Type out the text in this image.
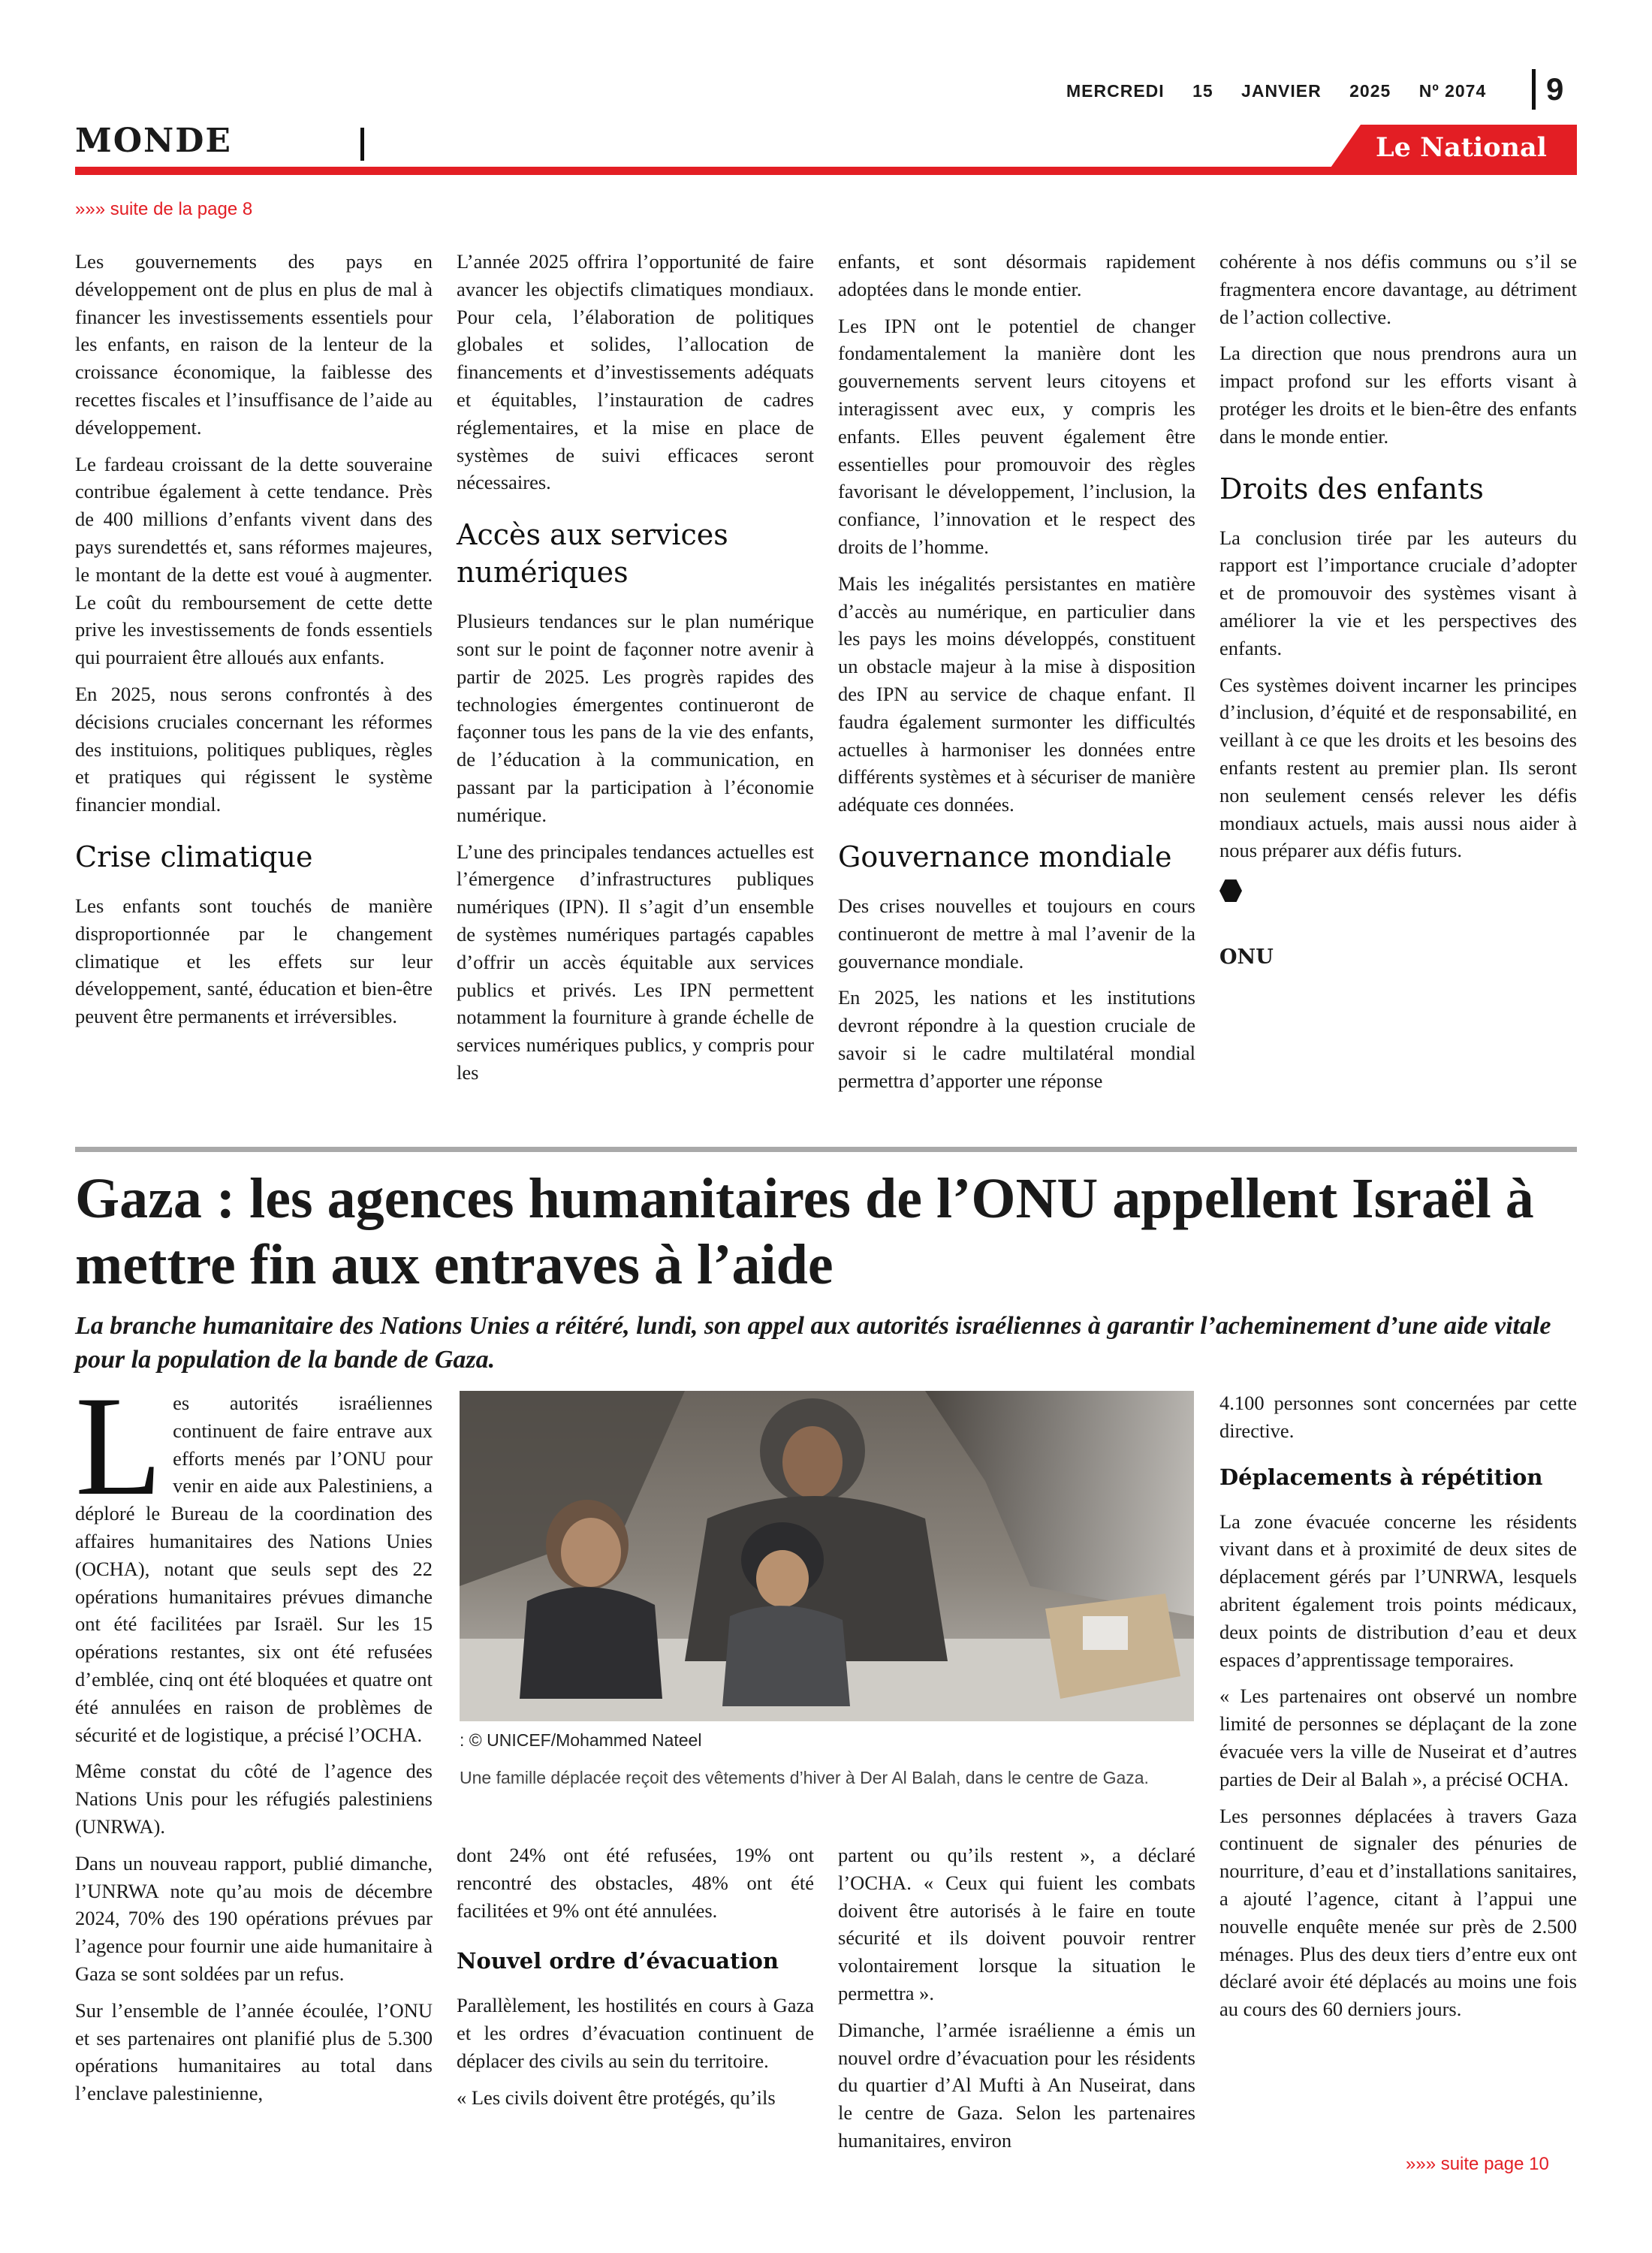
MERCREDI 15 JANVIER 2025 Nº 2074	9
MONDE	Le National
»»» suite de la page 8

Les gouvernements des pays en développement ont de plus en plus de mal à financer les investissements essentiels pour les enfants, en raison de la lenteur de la croissance économique, la faiblesse des recettes fiscales et l’insuffisance de l’aide au développement.

Le fardeau croissant de la dette souveraine contribue également à cette tendance. Près de 400 millions d’enfants vivent dans des pays surendettés et, sans réformes majeures, le montant de la dette est voué à augmenter. Le coût du remboursement de cette dette prive les investissements de fonds essentiels qui pourraient être alloués aux enfants.

En 2025, nous serons confrontés à des décisions cruciales concernant les réformes des instituions, politiques publiques, règles et pratiques qui régissent le système financier mondial.

Crise climatique

Les enfants sont touchés de manière disproportionnée par le changement climatique et les effets sur leur développement, santé, éducation et bien-être peuvent être permanents et irréversibles.

L’année 2025 offrira l’opportunité de faire avancer les objectifs climatiques mondiaux. Pour cela, l’élaboration de politiques globales et solides, l’allocation de financements et d’investissements adéquats et équitables, l’instauration de cadres réglementaires, et la mise en place de systèmes de suivi efficaces seront nécessaires.

Accès aux services numériques

Plusieurs tendances sur le plan numérique sont sur le point de façonner notre avenir à partir de 2025. Les progrès rapides des technologies émergentes continueront de façonner tous les pans de la vie des enfants, de l’éducation à la communication, en passant par la participation à l’économie numérique.

L’une des principales tendances actuelles est l’émergence d’infrastructures publiques numériques (IPN). Il s’agit d’un ensemble de systèmes numériques partagés capables d’offrir un accès équitable aux services publics et privés. Les IPN permettent notamment la fourniture à grande échelle de services numériques publics, y compris pour les

enfants, et sont désormais rapidement adoptées dans le monde entier.

Les IPN ont le potentiel de changer fondamentalement la manière dont les gouvernements servent leurs citoyens et interagissent avec eux, y compris les enfants. Elles peuvent également être essentielles pour promouvoir des règles favorisant le développement, l’inclusion, la confiance, l’innovation et le respect des droits de l’homme.

Mais les inégalités persistantes en matière d’accès au numérique, en particulier dans les pays les moins développés, constituent un obstacle majeur à la mise à disposition des IPN au service de chaque enfant. Il faudra également surmonter les difficultés actuelles à harmoniser les données entre différents systèmes et à sécuriser de manière adéquate ces données.

Gouvernance mondiale

Des crises nouvelles et toujours en cours continueront de mettre à mal l’avenir de la gouvernance mondiale.

En 2025, les nations et les institutions devront répondre à la question cruciale de savoir si le cadre multilatéral mondial permettra d’apporter une réponse

cohérente à nos défis communs ou s’il se fragmentera encore davantage, au détriment de l’action collective.

La direction que nous prendrons aura un impact profond sur les efforts visant à protéger les droits et le bien-être des enfants dans le monde entier.

Droits des enfants

La conclusion tirée par les auteurs du rapport est l’importance cruciale d’adopter et de promouvoir des systèmes visant à améliorer la vie et les perspectives des enfants.

Ces systèmes doivent incarner les principes d’inclusion, d’équité et de responsabilité, en veillant à ce que les droits et les besoins des enfants restent au premier plan. Ils seront non seulement censés relever les défis mondiaux actuels, mais aussi nous aider à nous préparer aux défis futurs.

ONU

Gaza : les agences humanitaires de l’ONU appellent Israël à mettre fin aux entraves à l’aide

La branche humanitaire des Nations Unies a réitéré, lundi, son appel aux autorités israéliennes à garantir l’acheminement d’une aide vitale pour la population de la bande de Gaza.

Les autorités israéliennes continuent de faire entrave aux efforts menés par l’ONU pour venir en aide aux Palestiniens, a déploré le Bureau de la coordination des affaires humanitaires des Nations Unies (OCHA), notant que seuls sept des 22 opérations humanitaires prévues dimanche ont été facilitées par Israël. Sur les 15 opérations restantes, six ont été refusées d’emblée, cinq ont été bloquées et quatre ont été annulées en raison de problèmes de sécurité et de logistique, a précisé l’OCHA.

Même constat du côté de l’agence des Nations Unis pour les réfugiés palestiniens (UNRWA).

Dans un nouveau rapport, publié dimanche, l’UNRWA note qu’au mois de décembre 2024, 70% des 190 opérations prévues par l’agence pour fournir une aide humanitaire à Gaza se sont soldées par un refus.

Sur l’ensemble de l’année écoulée, l’ONU et ses partenaires ont planifié plus de 5.300 opérations humanitaires au total dans l’enclave palestinienne,

: © UNICEF/Mohammed Nateel

Une famille déplacée reçoit des vêtements d’hiver à Der Al Balah, dans le centre de Gaza.

dont 24% ont été refusées, 19% ont rencontré des obstacles, 48% ont été facilitées et 9% ont été annulées.

Nouvel ordre d’évacuation

Parallèlement, les hostilités en cours à Gaza et les ordres d’évacuation continuent de déplacer des civils au sein du territoire.

« Les civils doivent être protégés, qu’ils

partent ou qu’ils restent », a déclaré l’OCHA. « Ceux qui fuient les combats doivent être autorisés à le faire en toute sécurité et ils doivent pouvoir rentrer volontairement lorsque la situation le permettra ».

Dimanche, l’armée israélienne a émis un nouvel ordre d’évacuation pour les résidents du quartier d’Al Mufti à An Nuseirat, dans le centre de Gaza. Selon les partenaires humanitaires, environ

4.100 personnes sont concernées par cette directive.

Déplacements à répétition

La zone évacuée concerne les résidents vivant dans et à proximité de deux sites de déplacement gérés par l’UNRWA, lesquels abritent également trois points médicaux, deux points de distribution d’eau et deux espaces d’apprentissage temporaires.

« Les partenaires ont observé un nombre limité de personnes se déplaçant de la zone évacuée vers la ville de Nuseirat et d’autres parties de Deir al Balah », a précisé OCHA.

Les personnes déplacées à travers Gaza continuent de signaler des pénuries de nourriture, d’eau et d’installations sanitaires, a ajouté l’agence, citant à l’appui une nouvelle enquête menée sur près de 2.500 ménages. Plus des deux tiers d’entre eux ont déclaré avoir été déplacés au moins une fois au cours des 60 derniers jours.

»»» suite page 10
